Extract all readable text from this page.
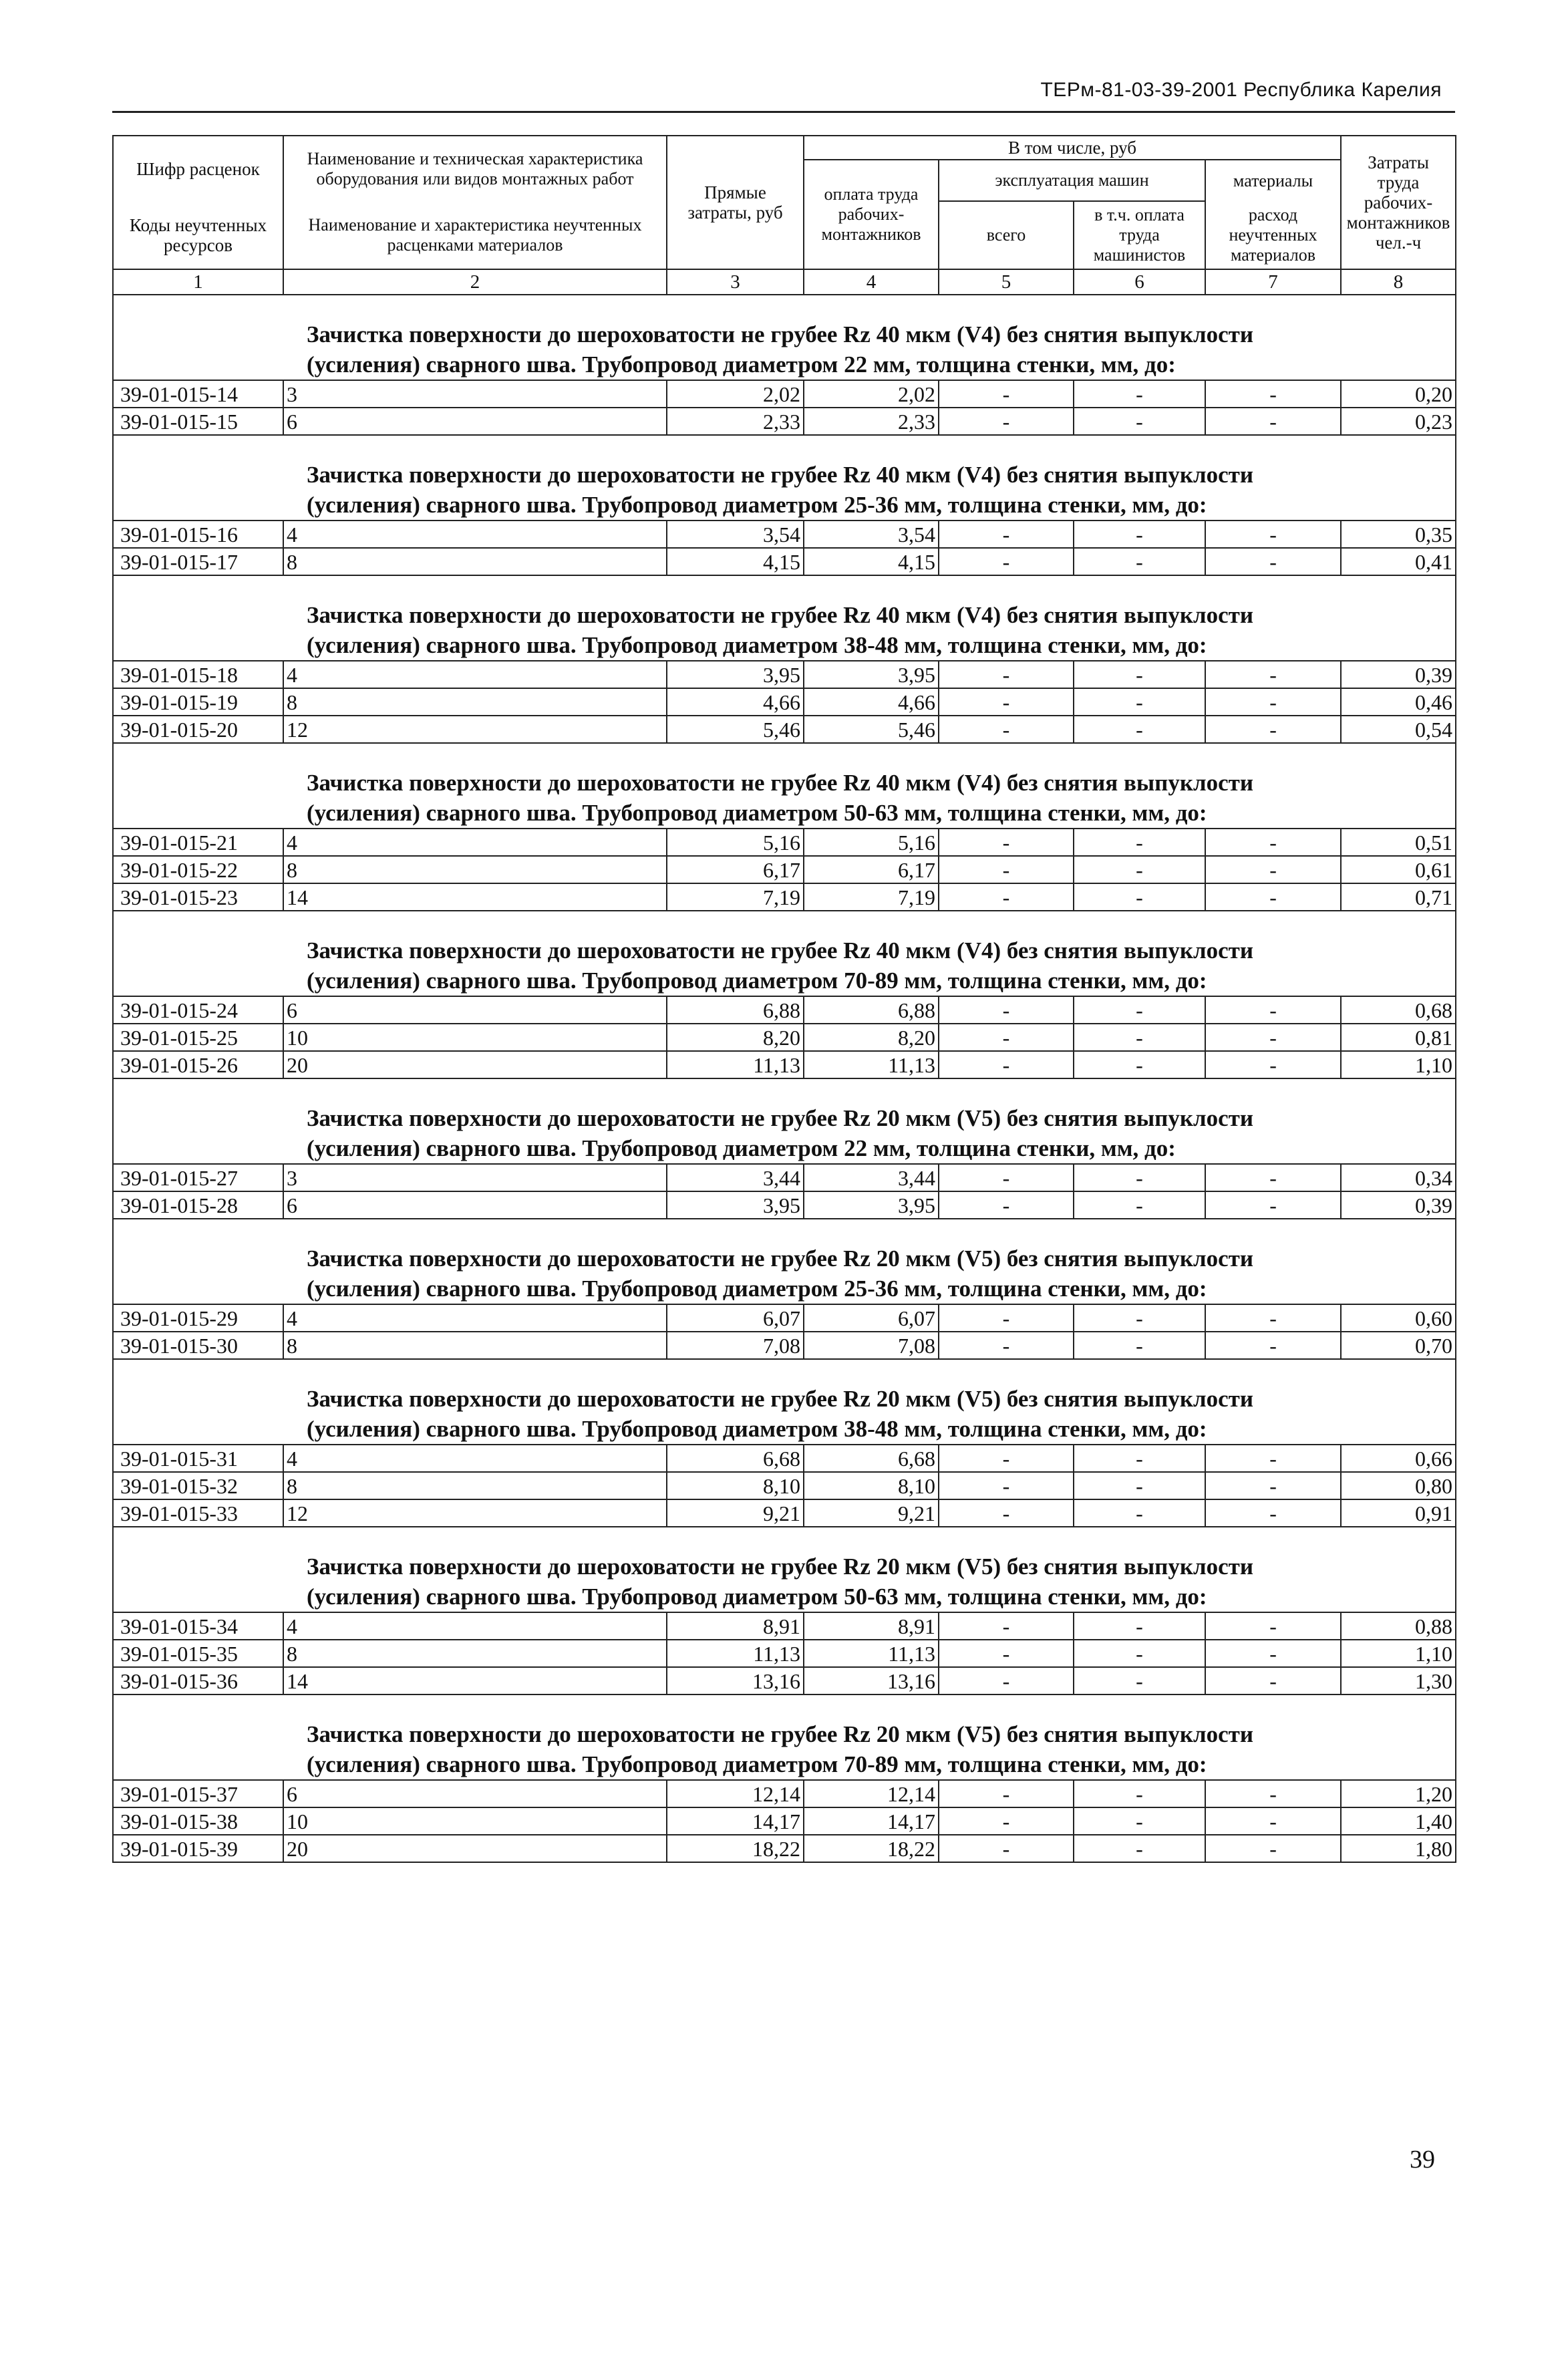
ТЕРм-81-03-39-2001 Республика Карелия
Шифр расценок	Наименование и техническая характеристика оборудования или видов монтажных работ	Прямые затраты, руб	В том числе, руб				Затраты труда рабочих-монтажников чел.-ч
			оплата труда рабочих-монтажников	эксплуатация машин		материалы	
Коды неучтенных ресурсов	Наименование и характеристика неучтенных расценками материалов			всего	в т.ч. оплата труда машинистов		
						расход неучтенных материалов	
1	2	3	4	5	6	7	8

Зачистка поверхности до шероховатости не грубее Rz 40 мкм (V4) без снятия выпуклости
(усиления) сварного шва. Трубопровод диаметром 22 мм, толщина стенки, мм, до:							

39-01-015-14	3	2,02	2,02	-	-	-	0,20
39-01-015-15	6	2,33	2,33	-	-	-	0,23

Зачистка поверхности до шероховатости не грубее Rz 40 мкм (V4) без снятия выпуклости
(усиления) сварного шва. Трубопровод диаметром 25-36 мм, толщина стенки, мм, до:							

39-01-015-16	4	3,54	3,54	-	-	-	0,35
39-01-015-17	8	4,15	4,15	-	-	-	0,41

Зачистка поверхности до шероховатости не грубее Rz 40 мкм (V4) без снятия выпуклости
(усиления) сварного шва. Трубопровод диаметром 38-48 мм, толщина стенки, мм, до:							

39-01-015-18	4	3,95	3,95	-	-	-	0,39
39-01-015-19	8	4,66	4,66	-	-	-	0,46
39-01-015-20	12	5,46	5,46	-	-	-	0,54

Зачистка поверхности до шероховатости не грубее Rz 40 мкм (V4) без снятия выпуклости
(усиления) сварного шва. Трубопровод диаметром 50-63 мм, толщина стенки, мм, до:							

39-01-015-21	4	5,16	5,16	-	-	-	0,51
39-01-015-22	8	6,17	6,17	-	-	-	0,61
39-01-015-23	14	7,19	7,19	-	-	-	0,71

Зачистка поверхности до шероховатости не грубее Rz 40 мкм (V4) без снятия выпуклости
(усиления) сварного шва. Трубопровод диаметром 70-89 мм, толщина стенки, мм, до:							

39-01-015-24	6	6,88	6,88	-	-	-	0,68
39-01-015-25	10	8,20	8,20	-	-	-	0,81
39-01-015-26	20	11,13	11,13	-	-	-	1,10

Зачистка поверхности до шероховатости не грубее Rz 20 мкм (V5) без снятия выпуклости
(усиления) сварного шва. Трубопровод диаметром 22 мм, толщина стенки, мм, до:							

39-01-015-27	3	3,44	3,44	-	-	-	0,34
39-01-015-28	6	3,95	3,95	-	-	-	0,39

Зачистка поверхности до шероховатости не грубее Rz 20 мкм (V5) без снятия выпуклости
(усиления) сварного шва. Трубопровод диаметром 25-36 мм, толщина стенки, мм, до:							

39-01-015-29	4	6,07	6,07	-	-	-	0,60
39-01-015-30	8	7,08	7,08	-	-	-	0,70

Зачистка поверхности до шероховатости не грубее Rz 20 мкм (V5) без снятия выпуклости
(усиления) сварного шва. Трубопровод диаметром 38-48 мм, толщина стенки, мм, до:							

39-01-015-31	4	6,68	6,68	-	-	-	0,66
39-01-015-32	8	8,10	8,10	-	-	-	0,80
39-01-015-33	12	9,21	9,21	-	-	-	0,91

Зачистка поверхности до шероховатости не грубее Rz 20 мкм (V5) без снятия выпуклости
(усиления) сварного шва. Трубопровод диаметром 50-63 мм, толщина стенки, мм, до:							

39-01-015-34	4	8,91	8,91	-	-	-	0,88
39-01-015-35	8	11,13	11,13	-	-	-	1,10
39-01-015-36	14	13,16	13,16	-	-	-	1,30

Зачистка поверхности до шероховатости не грубее Rz 20 мкм (V5) без снятия выпуклости
(усиления) сварного шва. Трубопровод диаметром 70-89 мм, толщина стенки, мм, до:							

39-01-015-37	6	12,14	12,14	-	-	-	1,20
39-01-015-38	10	14,17	14,17	-	-	-	1,40
39-01-015-39	20	18,22	18,22	-	-	-	1,80
39
